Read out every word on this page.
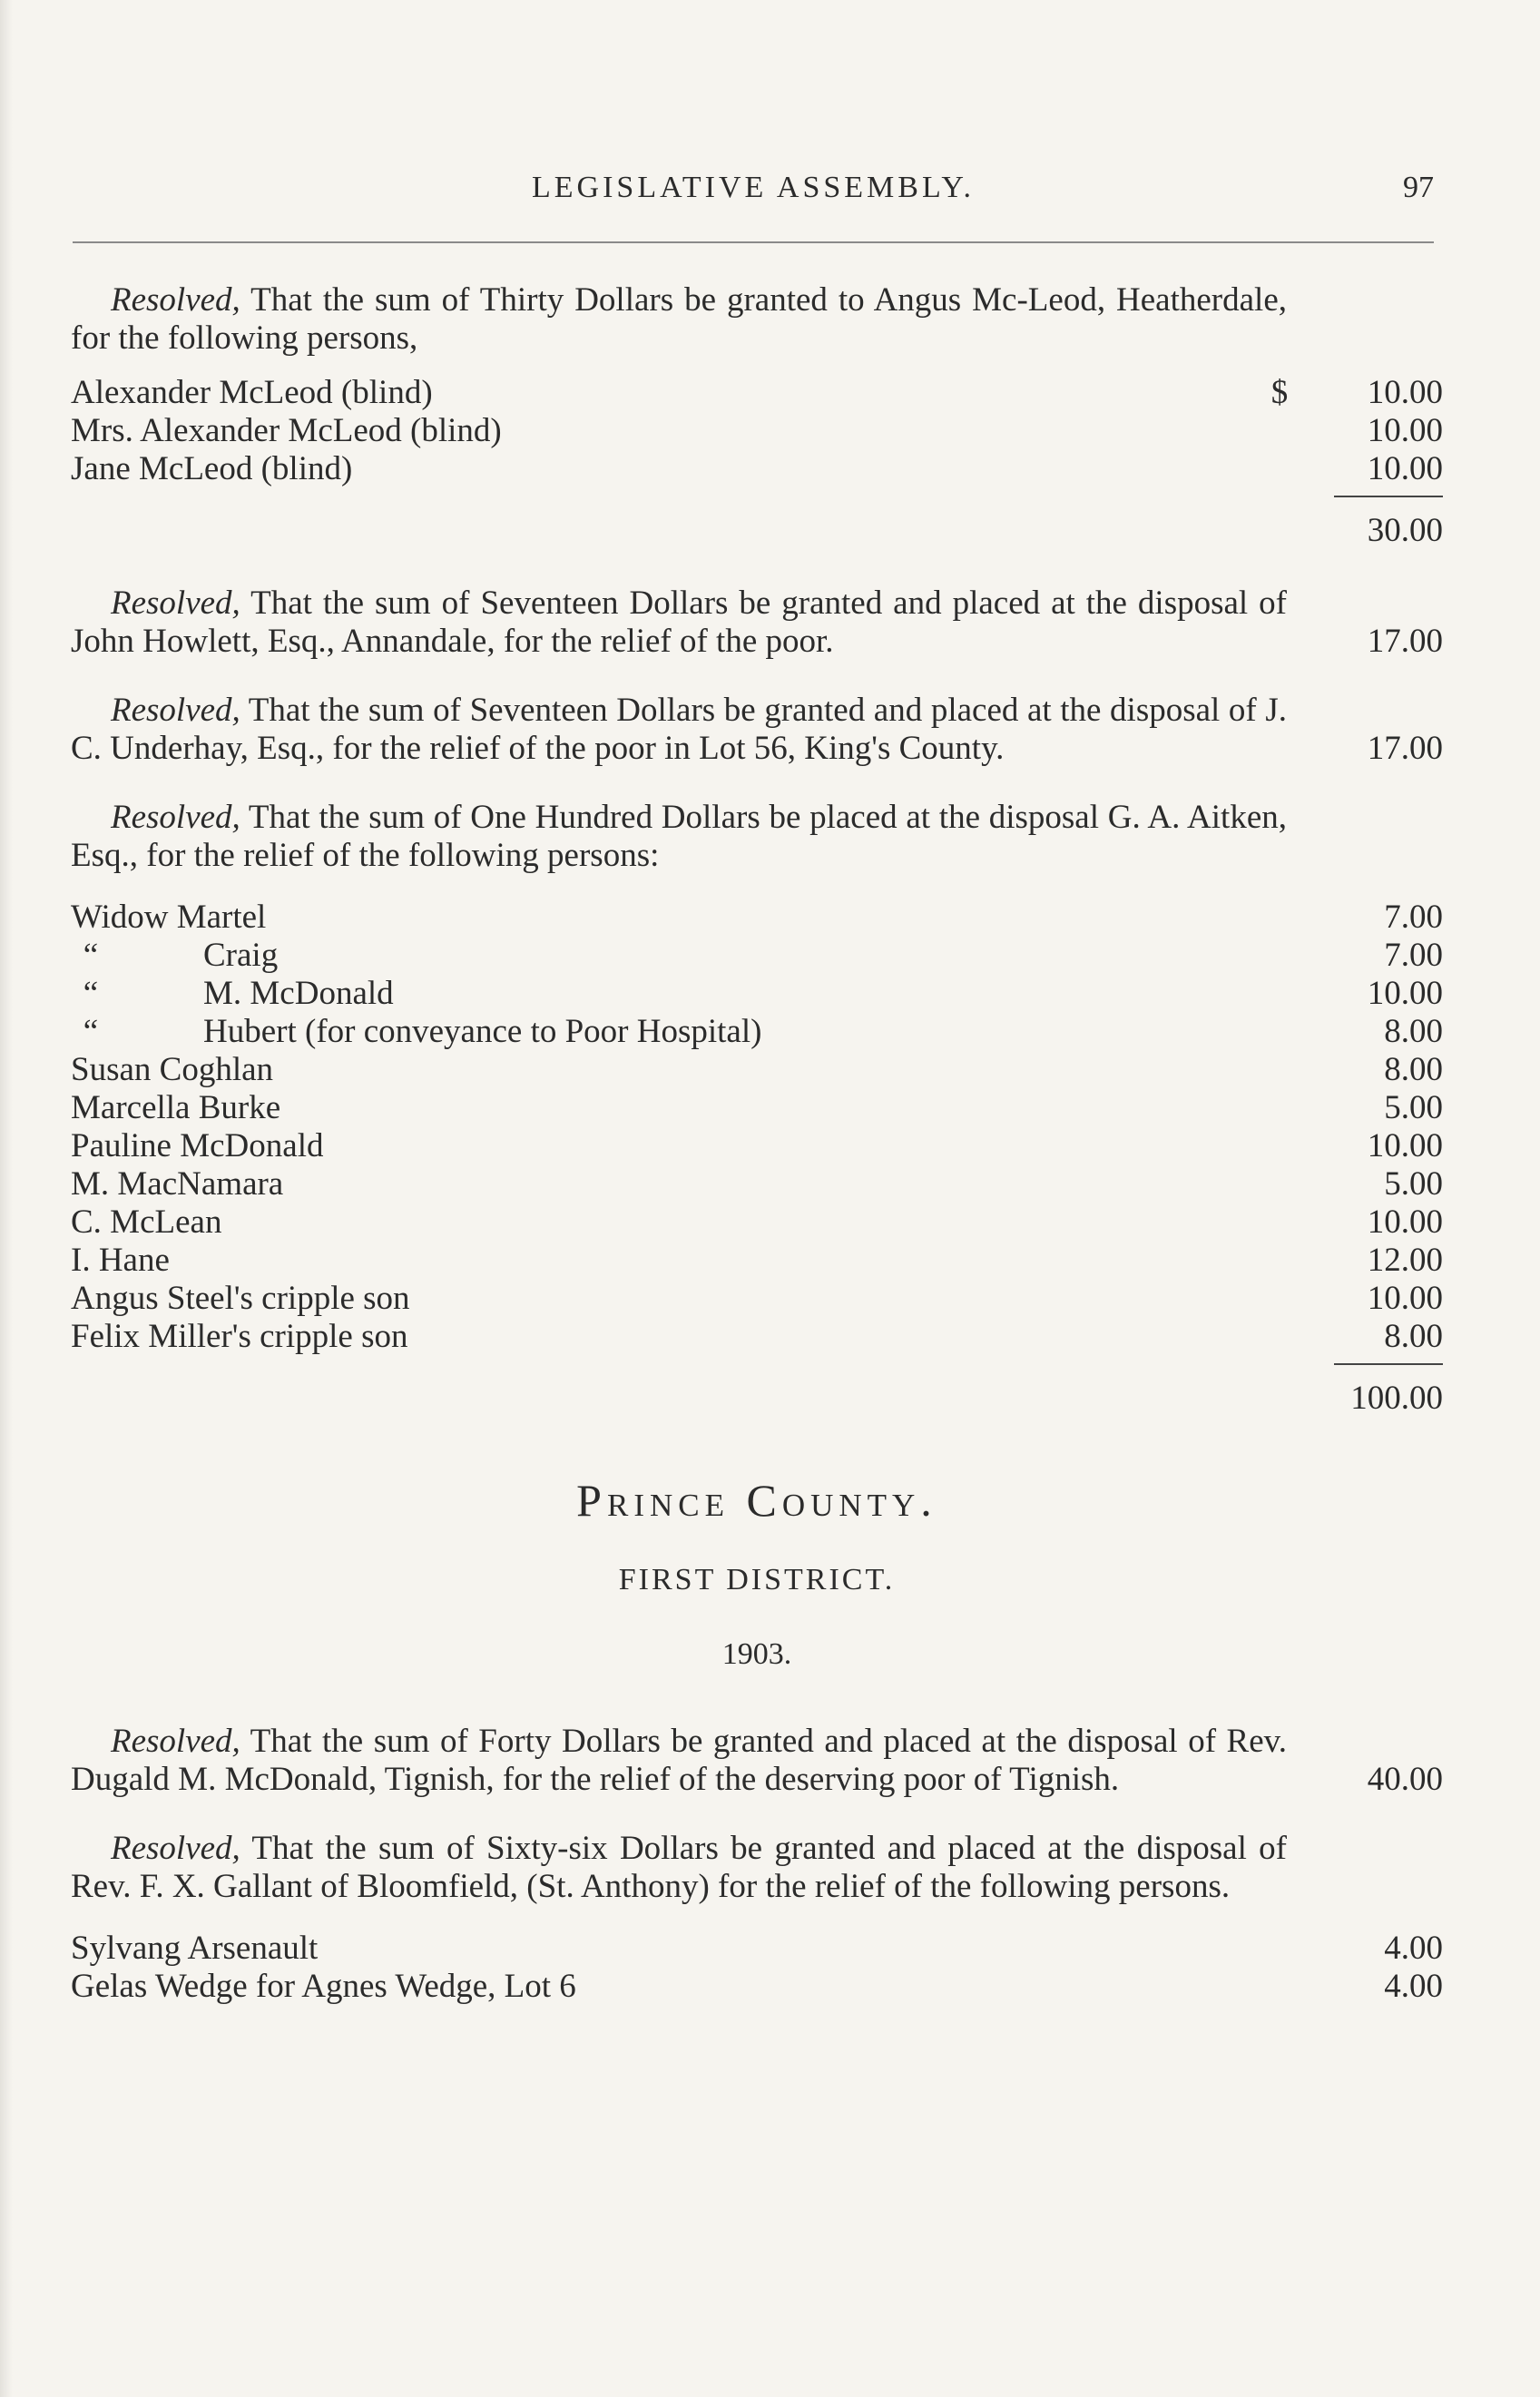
LEGISLATIVE ASSEMBLY.	97
Resolved, That the sum of Thirty Dollars be granted to Angus Mc-Leod, Heatherdale, for the following persons,
Alexander McLeod (blind)	$	10.00
Mrs. Alexander McLeod (blind)	10.00
Jane McLeod (blind)	10.00
30.00
Resolved, That the sum of Seventeen Dollars be granted and placed at the disposal of John Howlett, Esq., Annandale, for the relief of the poor.	17.00
Resolved, That the sum of Seventeen Dollars be granted and placed at the disposal of J. C. Underhay, Esq., for the relief of the poor in Lot 56, King's County.	17.00
Resolved, That the sum of One Hundred Dollars be placed at the disposal G. A. Aitken, Esq., for the relief of the following persons:
Widow Martel	7.00
“	Craig	7.00
“	M. McDonald	10.00
“	Hubert (for conveyance to Poor Hospital)	8.00
Susan Coghlan	8.00
Marcella Burke	5.00
Pauline McDonald	10.00
M. MacNamara	5.00
C. McLean	10.00
I. Hane	12.00
Angus Steel's cripple son	10.00
Felix Miller's cripple son	8.00
100.00
Prince County.
FIRST DISTRICT.
1903.
Resolved, That the sum of Forty Dollars be granted and placed at the disposal of Rev. Dugald M. McDonald, Tignish, for the relief of the deserving poor of Tignish.	40.00
Resolved, That the sum of Sixty-six Dollars be granted and placed at the disposal of Rev. F. X. Gallant of Bloomfield, (St. Anthony) for the relief of the following persons.
Sylvang Arsenault	4.00
Gelas Wedge for Agnes Wedge, Lot 6	4.00
